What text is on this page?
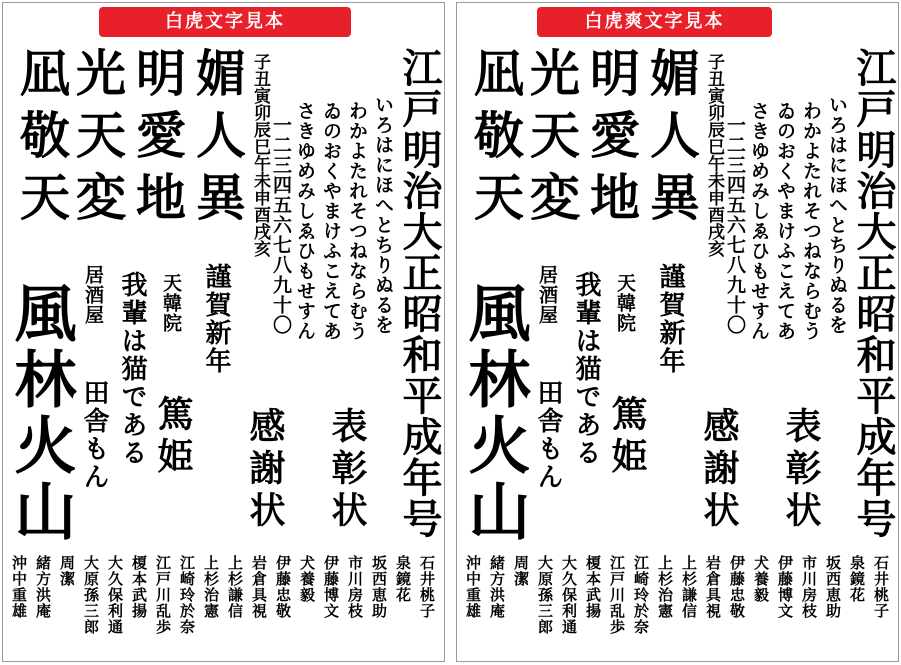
白虎文字見本
媚人異
明愛地
光天変
凪敬天	子丑寅卯辰巳午未申酉戌亥	いろはにほへとちりぬるを
わかよたれそつねならむう
ゐのおくやまけふこえてあ
さきゆめみしゑひもせすん
一二三四五六七八九十〇	江戸明治大正昭和平成年号
謹賀新年
天韓院
居酒屋 我輩は猫である
田舎もん 篤姫
風林火山	感謝状 表彰状
石井桃子
泉鏡花
坂西恵助
市川房枝
伊藤博文
犬養毅
伊藤忠敬
岩倉具視
上杉謙信
上杉治憲
江崎玲於奈
江戸川乱歩
榎本武揚
大久保利通
大原孫三郎
周潔
緒方洪庵
沖中重雄
白虎爽文字見本
媚人異
明愛地
光天変
凪敬天	子丑寅卯辰巳午未申酉戌亥	いろはにほへとちりぬるを
わかよたれそつねならむう
ゐのおくやまけふこえてあ
さきゆめみしゑひもせすん
一二三四五六七八九十〇	江戸明治大正昭和平成年号
謹賀新年
天韓院
居酒屋 我輩は猫である
田舎もん 篤姫
風林火山	感謝状 表彰状
石井桃子
泉鏡花
坂西恵助
市川房枝
伊藤博文
犬養毅
伊藤忠敬
岩倉具視
上杉謙信
上杉治憲
江崎玲於奈
江戸川乱歩
榎本武揚
大久保利通
大原孫三郎
周潔
緒方洪庵
沖中重雄
